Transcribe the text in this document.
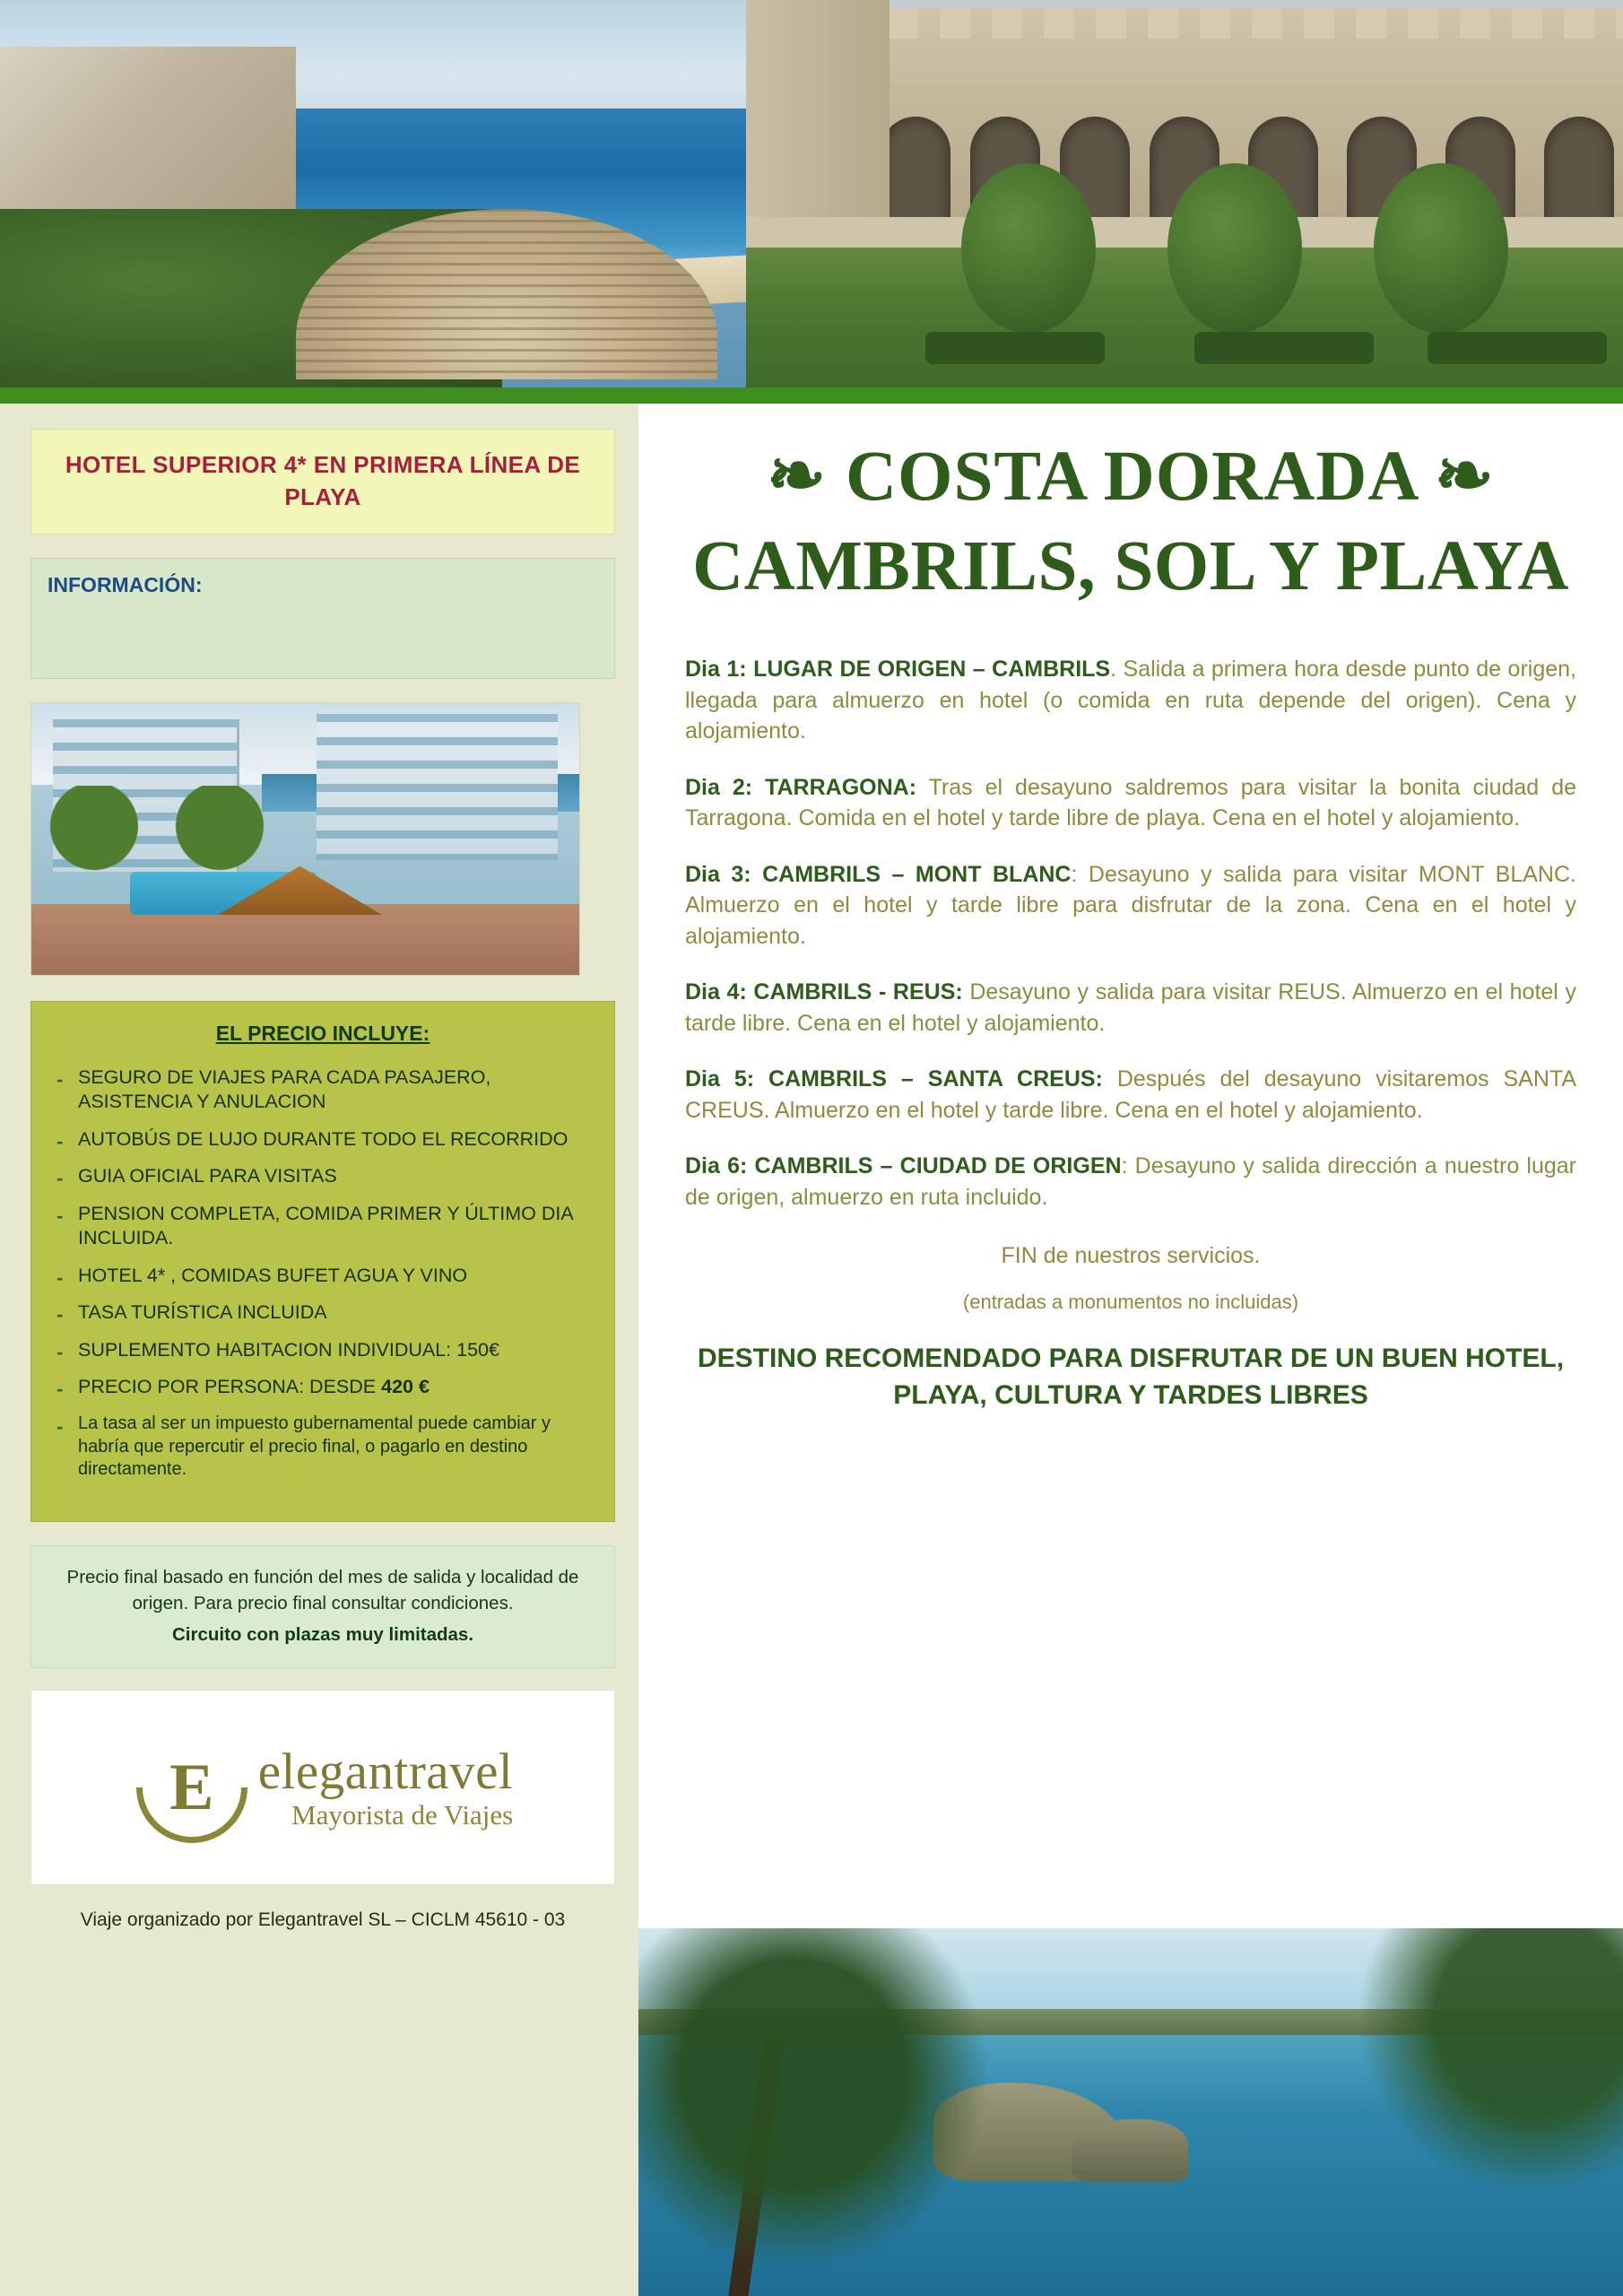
HOTEL SUPERIOR 4* EN PRIMERA LÍNEA DE PLAYA
INFORMACIÓN:
EL PRECIO INCLUYE:
- SEGURO DE VIAJES PARA CADA PASAJERO, ASISTENCIA Y ANULACION
- AUTOBÚS DE LUJO DURANTE TODO EL RECORRIDO
- GUIA OFICIAL PARA VISITAS
- PENSION COMPLETA, COMIDA PRIMER Y ÚLTIMO DIA INCLUIDA.
- HOTEL 4* , COMIDAS BUFET AGUA Y VINO
- TASA TURÍSTICA INCLUIDA
- SUPLEMENTO HABITACION INDIVIDUAL: 150€
- PRECIO POR PERSONA: DESDE 420 €
- La tasa al ser un impuesto gubernamental puede cambiar y habría que repercutir el precio final, o pagarlo en destino directamente.
Precio final basado en función del mes de salida y localidad de origen. Para precio final consultar condiciones.
Circuito con plazas muy limitadas.
E elegantravel
Mayorista de Viajes
Viaje organizado por Elegantravel SL – CICLM 45610 - 03
❧ COSTA DORADA ❧
CAMBRILS, SOL Y PLAYA

Dia 1: LUGAR DE ORIGEN – CAMBRILS. Salida a primera hora desde punto de origen, llegada para almuerzo en hotel (o comida en ruta depende del origen). Cena y alojamiento.

Dia 2: TARRAGONA: Tras el desayuno saldremos para visitar la bonita ciudad de Tarragona. Comida en el hotel y tarde libre de playa. Cena en el hotel y alojamiento.

Dia 3: CAMBRILS – MONT BLANC: Desayuno y salida para visitar MONT BLANC. Almuerzo en el hotel y tarde libre para disfrutar de la zona. Cena en el hotel y alojamiento.

Dia 4: CAMBRILS - REUS: Desayuno y salida para visitar REUS. Almuerzo en el hotel y tarde libre. Cena en el hotel y alojamiento.

Dia 5: CAMBRILS – SANTA CREUS: Después del desayuno visitaremos SANTA CREUS. Almuerzo en el hotel y tarde libre. Cena en el hotel y alojamiento.

Dia 6: CAMBRILS – CIUDAD DE ORIGEN: Desayuno y salida dirección a nuestro lugar de origen, almuerzo en ruta incluido.

FIN de nuestros servicios.
(entradas a monumentos no incluidas)
DESTINO RECOMENDADO PARA DISFRUTAR DE UN BUEN HOTEL, PLAYA, CULTURA Y TARDES LIBRES
